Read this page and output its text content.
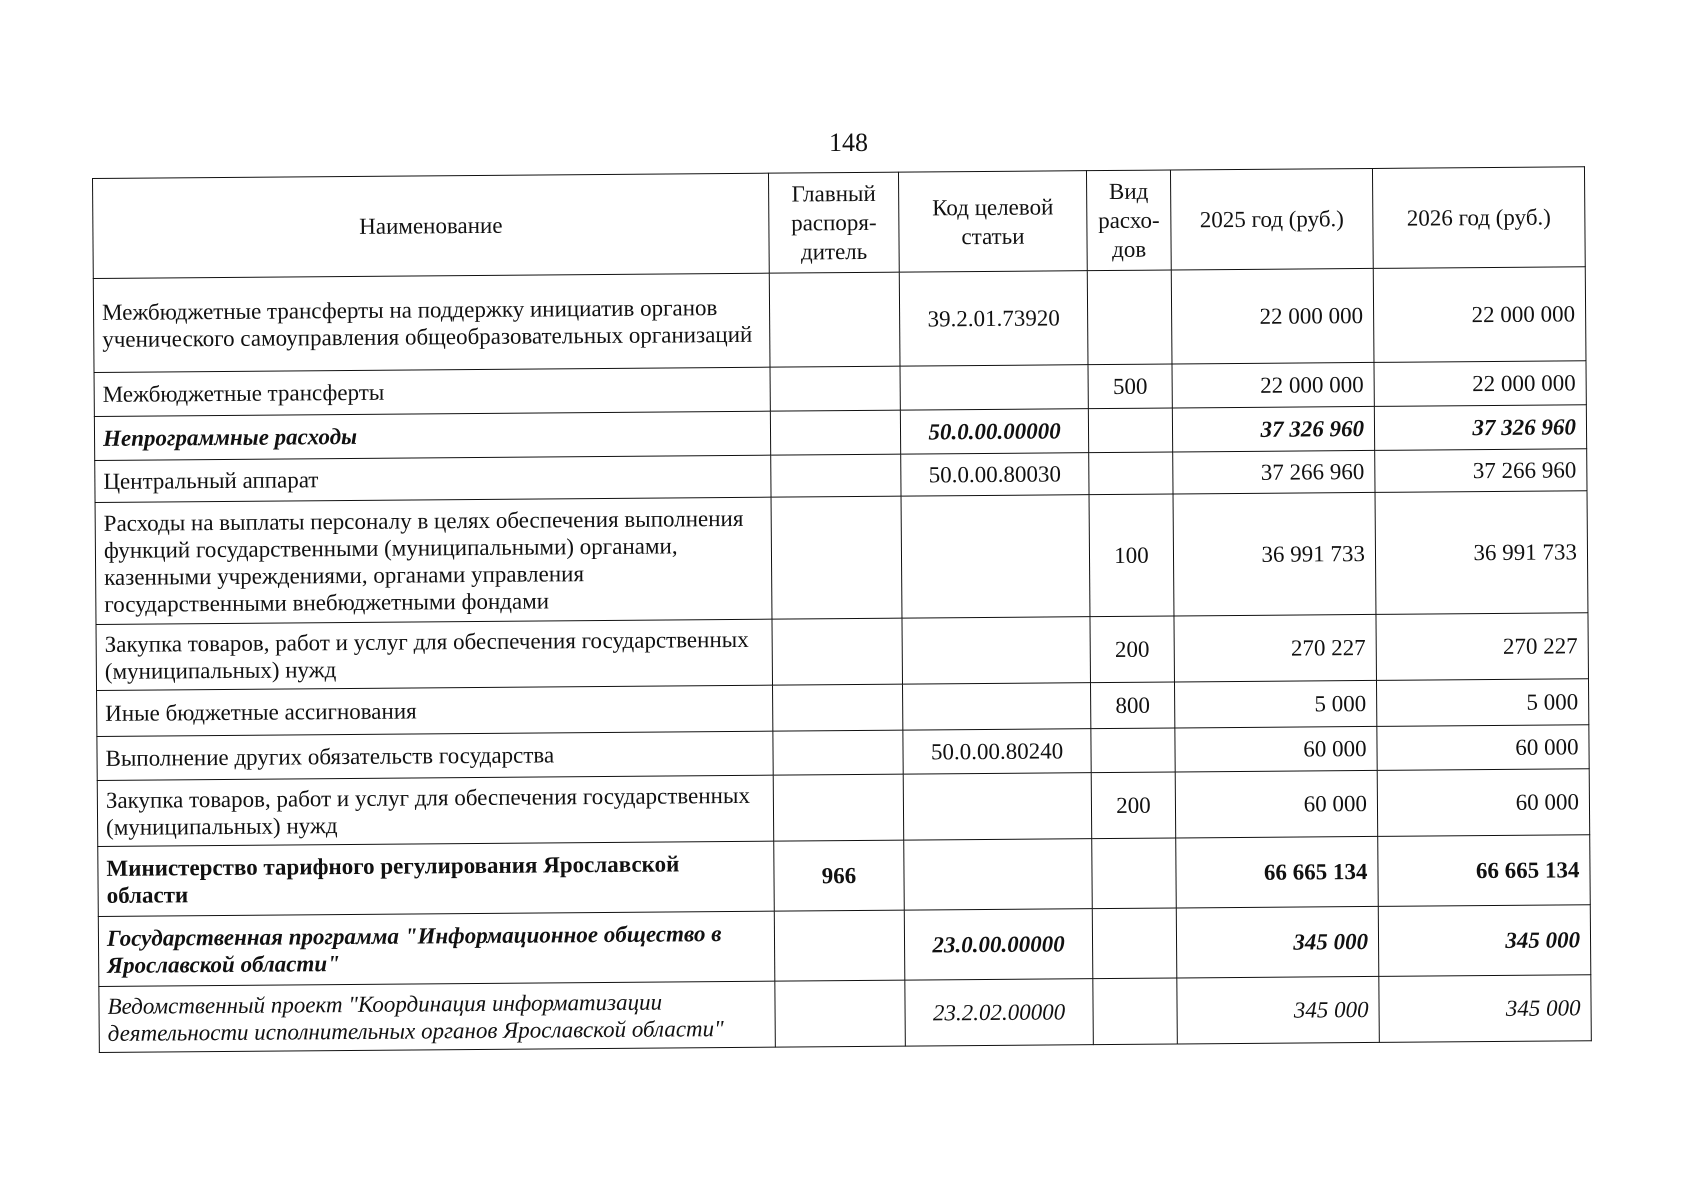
148
Наименование	Главный распоря-дитель	Код целевой статьи	Вид расхо-дов	2025 год (руб.)	2026 год (руб.)
Межбюджетные трансферты на поддержку инициатив органов ученического самоуправления общеобразовательных организаций		39.2.01.73920		22 000 000	22 000 000
Межбюджетные трансферты			500	22 000 000	22 000 000
Непрограммные расходы		50.0.00.00000		37 326 960	37 326 960
Центральный аппарат		50.0.00.80030		37 266 960	37 266 960
Расходы на выплаты персоналу в целях обеспечения выполнения функций государственными (муниципальными) органами, казенными учреждениями, органами управления государственными внебюджетными фондами			100	36 991 733	36 991 733
Закупка товаров, работ и услуг для обеспечения государственных (муниципальных) нужд			200	270 227	270 227
Иные бюджетные ассигнования			800	5 000	5 000
Выполнение других обязательств государства		50.0.00.80240		60 000	60 000
Закупка товаров, работ и услуг для обеспечения государственных (муниципальных) нужд			200	60 000	60 000
Министерство тарифного регулирования Ярославской области	966			66 665 134	66 665 134
Государственная программа "Информационное общество в Ярославской области"		23.0.00.00000		345 000	345 000
Ведомственный проект "Координация информатизации деятельности исполнительных органов Ярославской области"		23.2.02.00000		345 000	345 000
